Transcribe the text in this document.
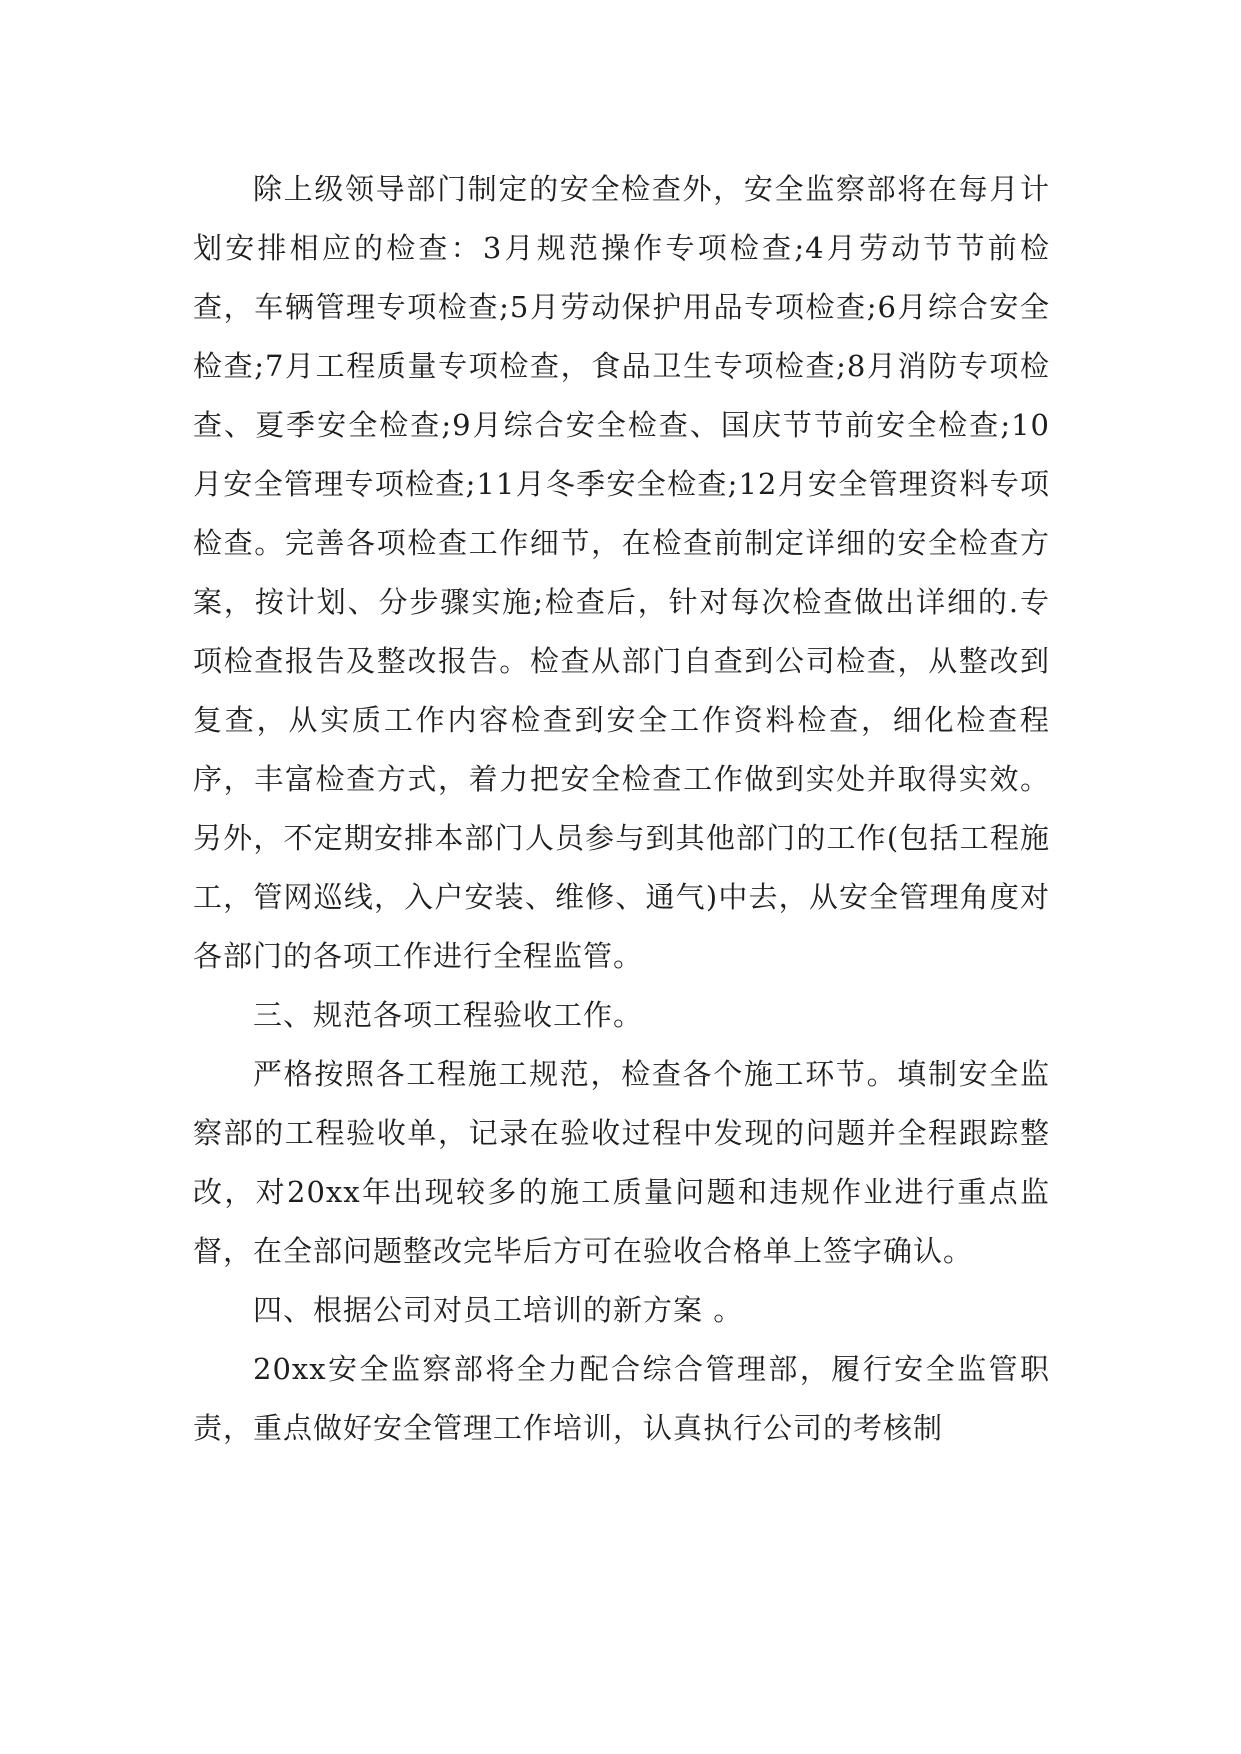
除上级领导部门制定的安全检查外，安全监察部将在每月计划安排相应的检查：3月规范操作专项检查;4月劳动节节前检查，车辆管理专项检查;5月劳动保护用品专项检查;6月综合安全检查;7月工程质量专项检查，食品卫生专项检查;8月消防专项检查、夏季安全检查;9月综合安全检查、国庆节节前安全检查;10月安全管理专项检查;11月冬季安全检查;12月安全管理资料专项检查。完善各项检查工作细节，在检查前制定详细的安全检查方案，按计划、分步骤实施;检查后，针对每次检查做出详细的.专项检查报告及整改报告。检查从部门自查到公司检查，从整改到复查，从实质工作内容检查到安全工作资料检查，细化检查程序，丰富检查方式，着力把安全检查工作做到实处并取得实效。另外，不定期安排本部门人员参与到其他部门的工作(包括工程施工，管网巡线，入户安装、维修、通气)中去，从安全管理角度对各部门的各项工作进行全程监管。

三、规范各项工程验收工作。

严格按照各工程施工规范，检查各个施工环节。填制安全监察部的工程验收单，记录在验收过程中发现的问题并全程跟踪整改，对20xx年出现较多的施工质量问题和违规作业进行重点监督，在全部问题整改完毕后方可在验收合格单上签字确认。

四、根据公司对员工培训的新方案 。

20xx安全监察部将全力配合综合管理部，履行安全监管职责，重点做好安全管理工作培训，认真执行公司的考核制
